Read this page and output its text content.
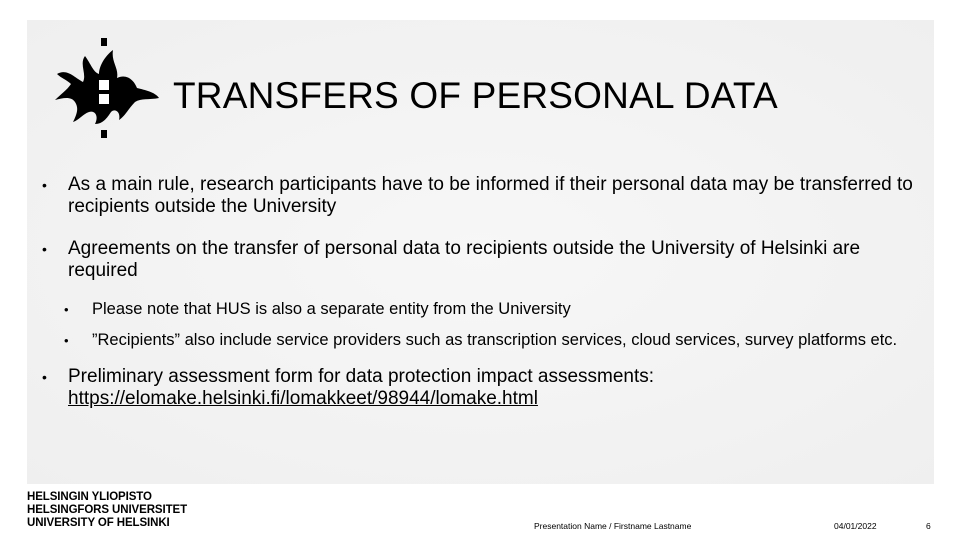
TRANSFERS OF PERSONAL DATA
• As a main rule, research participants have to be informed if their personal data may be transferred to recipients outside the University
• Agreements on the transfer of personal data to recipients outside the University of Helsinki are required
• Please note that HUS is also a separate entity from the University
• ”Recipients” also include service providers such as transcription services, cloud services, survey platforms etc.
• Preliminary assessment form for data protection impact assessments:
https://elomake.helsinki.fi/lomakkeet/98944/lomake.html
HELSINGIN YLIOPISTO
HELSINGFORS UNIVERSITET
UNIVERSITY OF HELSINKI	Presentation Name / Firstname Lastname	04/01/2022	6
